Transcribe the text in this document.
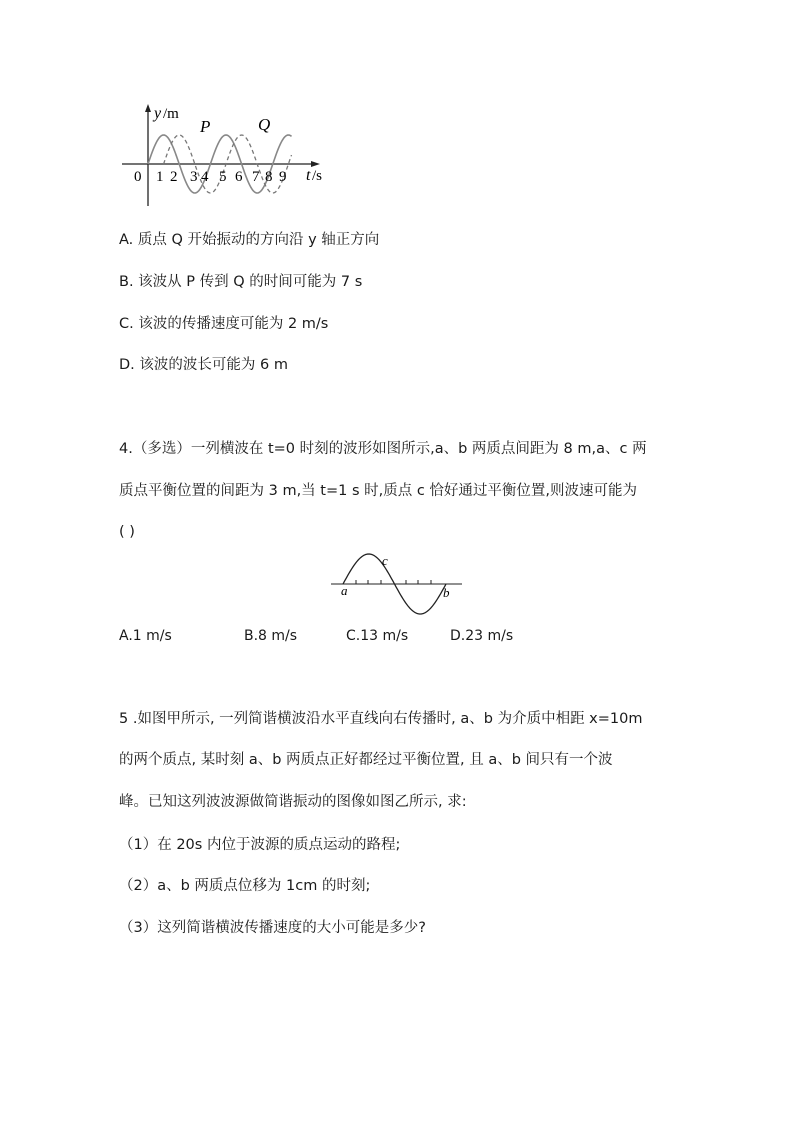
y /m
P	Q
0 1 2 3 4 5 6 7 8 9 t /s
A. 质点 Q 开始振动的方向沿 y 轴正方向
B. 该波从 P 传到 Q 的时间可能为 7 s
C. 该波的传播速度可能为 2 m/s
D. 该波的波长可能为 6 m
4.（多选）一列横波在 t=0 时刻的波形如图所示,a、b 两质点间距为 8 m,a、c 两
质点平衡位置的间距为 3 m,当 t=1 s 时,质点 c 恰好通过平衡位置,则波速可能为
( )
a	b
c
A.1 m/s	B.8 m/s	C.13 m/s	D.23 m/s
5 .如图甲所示, 一列简谐横波沿水平直线向右传播时, a、b 为介质中相距 x=10m
的两个质点, 某时刻 a、b 两质点正好都经过平衡位置, 且 a、b 间只有一个波
峰。已知这列波波源做简谐振动的图像如图乙所示, 求:
（1）在 20s 内位于波源的质点运动的路程;
（2）a、b 两质点位移为 1cm 的时刻;
（3）这列简谐横波传播速度的大小可能是多少?
